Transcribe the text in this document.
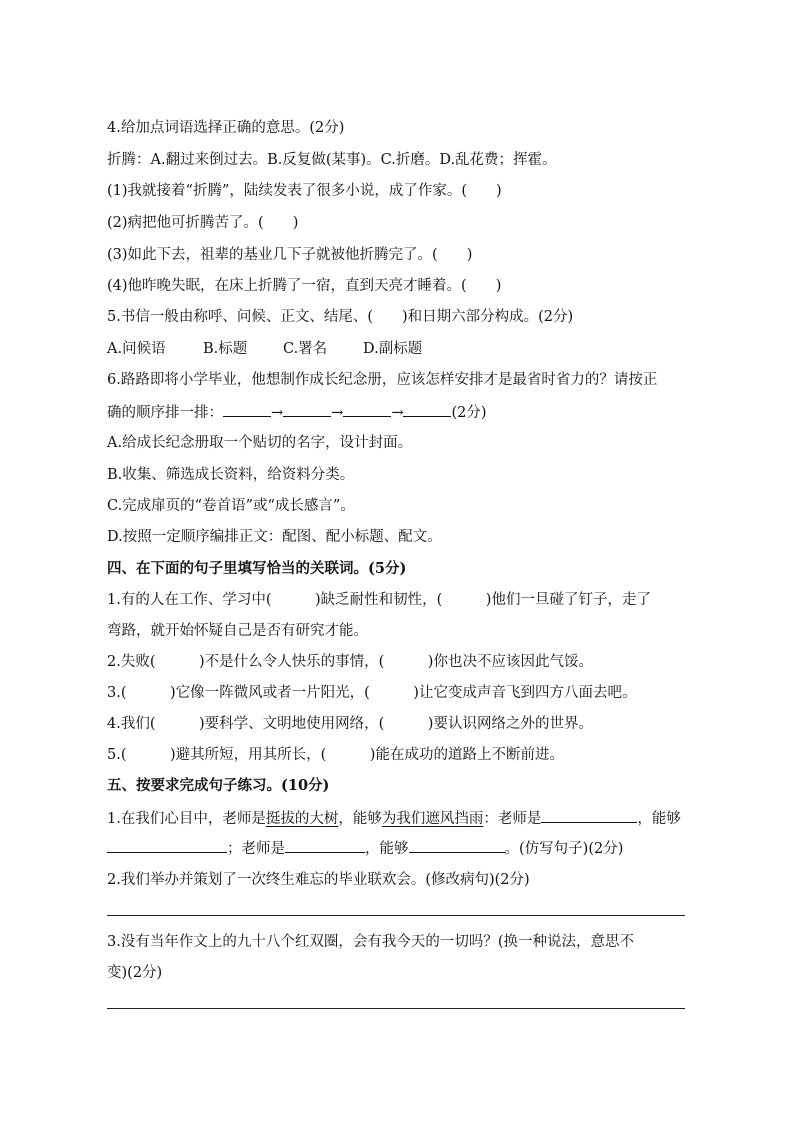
4.给加点词语选择正确的意思。(2分)
折腾：A.翻过来倒过去。B.反复做(某事)。C.折磨。D.乱花费；挥霍。
(1)我就接着“折腾”，陆续发表了很多小说，成了作家。(　　)
(2)病把他可折腾苦了。(　　)
(3)如此下去，祖辈的基业几下子就被他折腾完了。(　　)
(4)他昨晚失眠，在床上折腾了一宿，直到天亮才睡着。(　　)
5.书信一般由称呼、问候、正文、结尾、(　　)和日期六部分构成。(2分)
A.问候语	B.标题 C.署名 D.副标题
6.路路即将小学毕业，他想制作成长纪念册，应该怎样安排才是最省时省力的？请按正
确的顺序排一排：	→	→	→	(2分)
A.给成长纪念册取一个贴切的名字，设计封面。
B.收集、筛选成长资料，给资料分类。
C.完成扉页的“卷首语”或“成长感言”。
D.按照一定顺序编排正文：配图、配小标题、配文。
四、在下面的句子里填写恰当的关联词。(5分)
1.有的人在工作、学习中(　　　)缺乏耐性和韧性，(　　　)他们一旦碰了钉子，走了
弯路，就开始怀疑自己是否有研究才能。
2.失败(　　　)不是什么令人快乐的事情，(　　　)你也决不应该因此气馁。
3.(　　　)它像一阵微风或者一片阳光，(　　　)让它变成声音飞到四方八面去吧。
4.我们(　　　)要科学、文明地使用网络，(　　　)要认识网络之外的世界。
5.(　　　)避其所短，用其所长，(　　　)能在成功的道路上不断前进。
五、按要求完成句子练习。(10分)
1.在我们心目中，老师是挺拔的大树，能够为我们遮风挡雨：老师是	，能够
；老师是	，能够	。(仿写句子)(2分)
2.我们举办并策划了一次终生难忘的毕业联欢会。(修改病句)(2分)
3.没有当年作文上的九十八个红双圈，会有我今天的一切吗？(换一种说法，意思不
变)(2分)
